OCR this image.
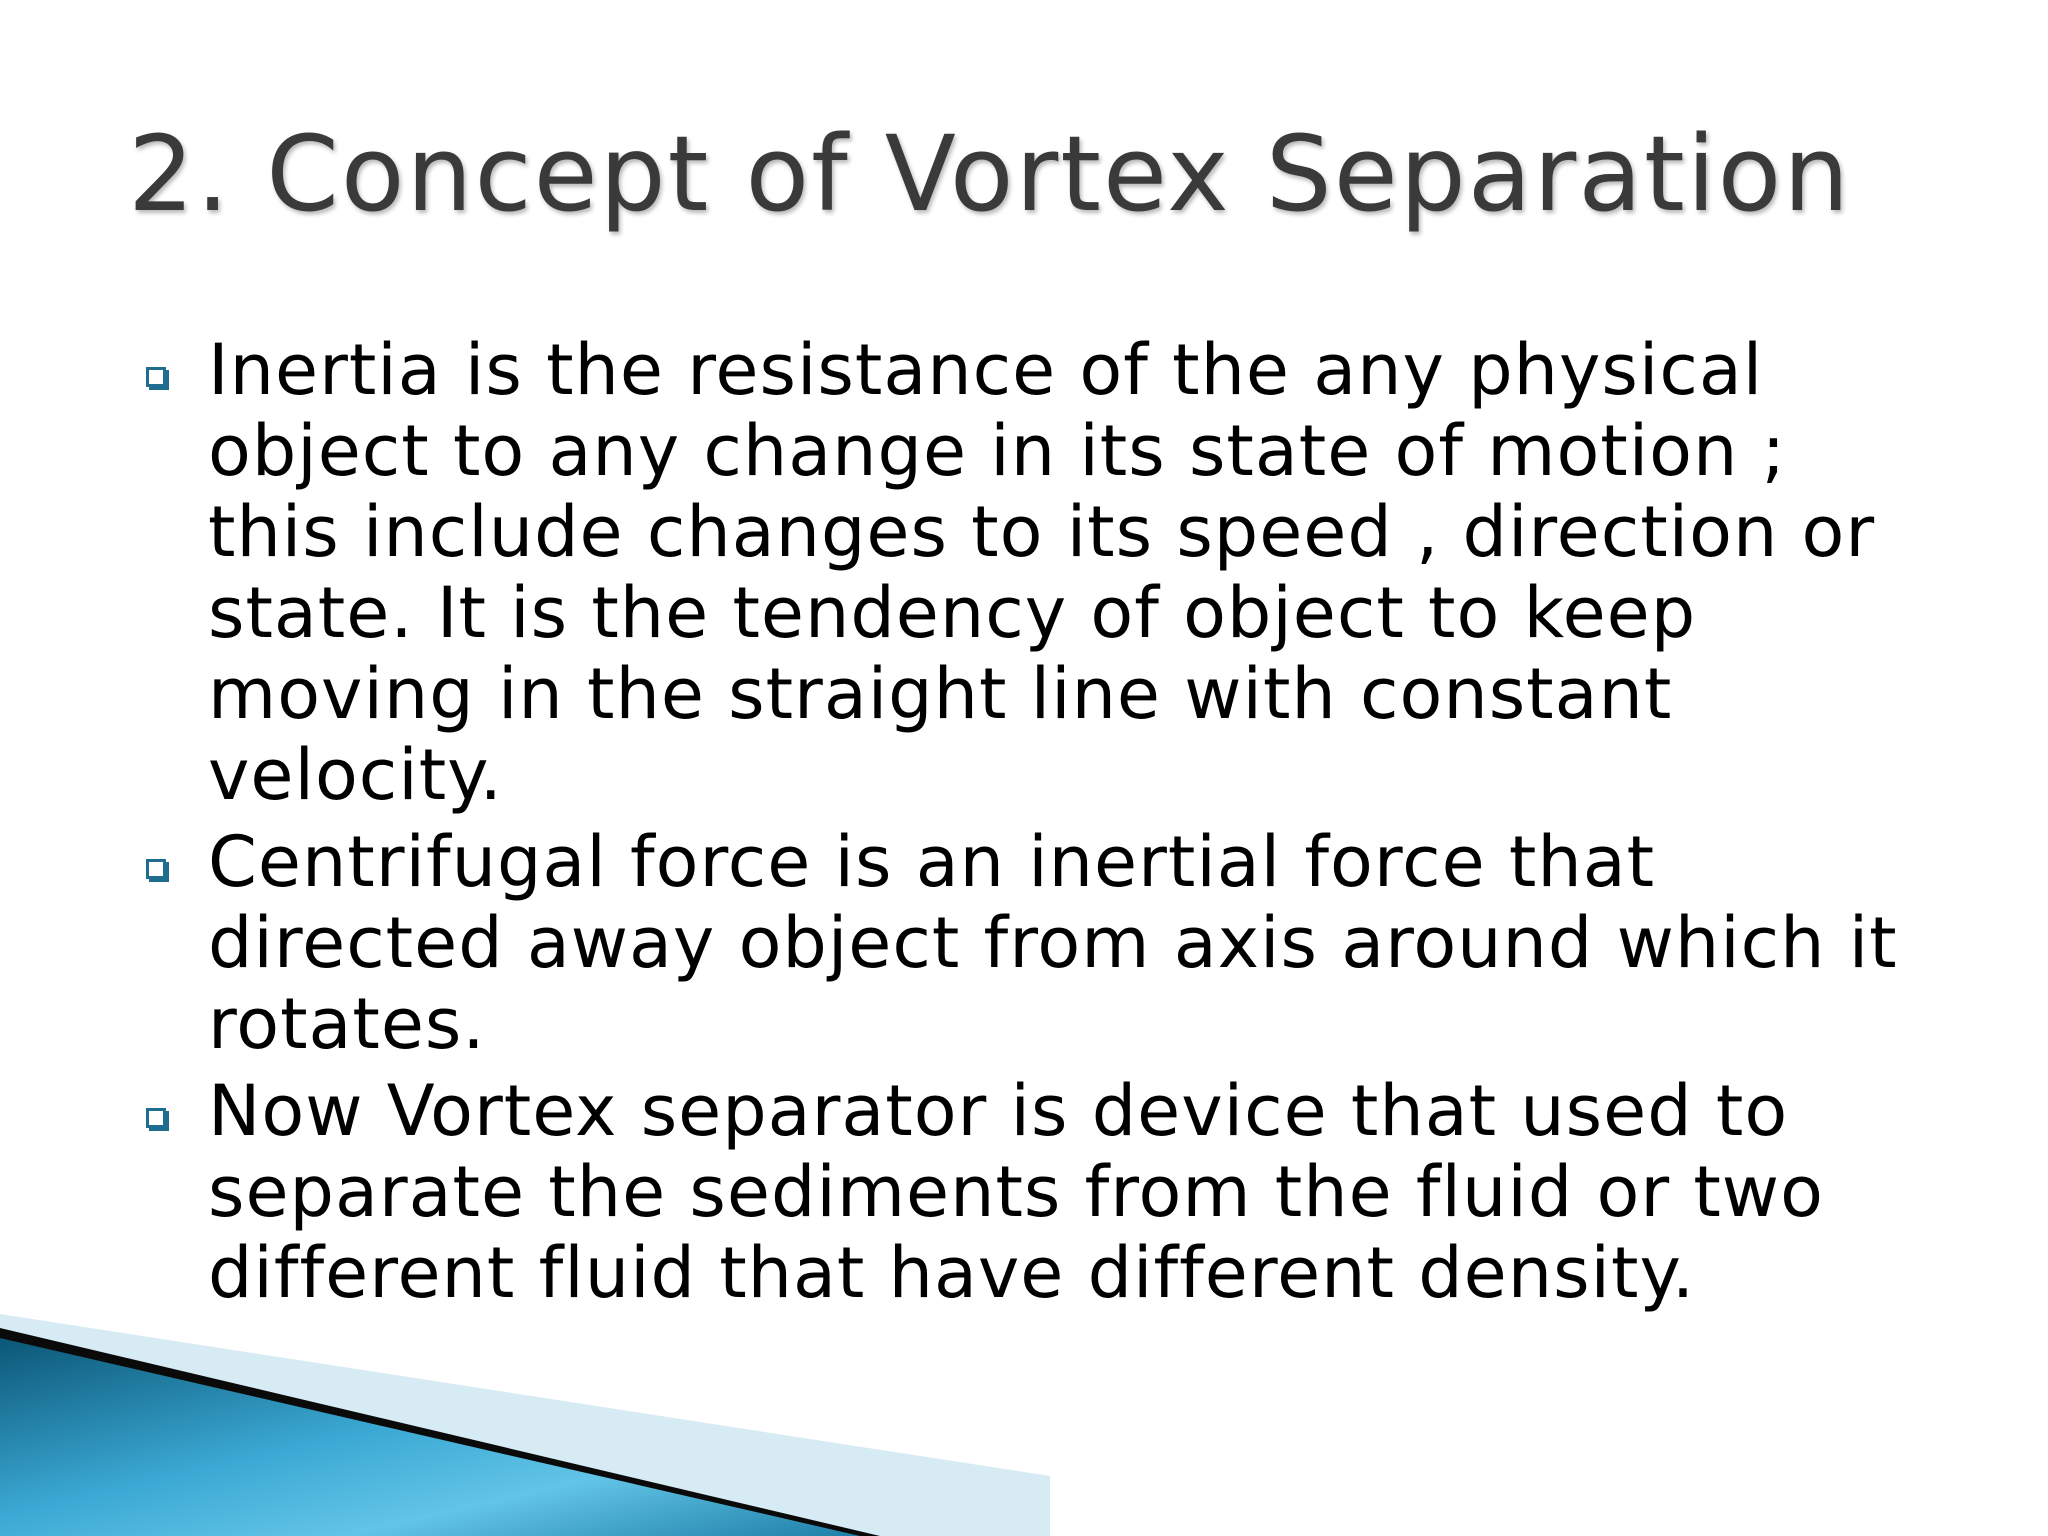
2. Concept of Vortex Separation
Inertia is the resistance of the any physical object to any change in its state of motion ; this include changes to its speed , direction or state. It is the tendency of object to keep moving in the straight line with constant velocity.
Centrifugal force is an inertial force that directed away object from axis around which it rotates.
Now Vortex separator is device that used to separate the sediments from the fluid or two different fluid that have different density.
